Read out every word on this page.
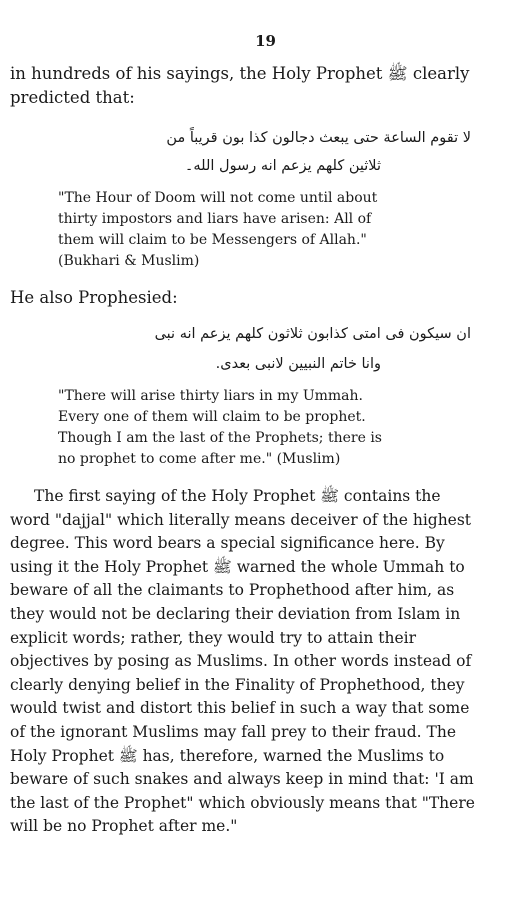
19
in hundreds of his sayings, the Holy Prophet ﷺ clearly
predicted that:
لا تقوم الساعة حتی یبعث دجالون کذا بون قریباً من
ثلاثين كلهم يزعم انه رسول الله۔
"The Hour of Doom will not come until about
thirty impostors and liars have arisen: All of
them will claim to be Messengers of Allah."
(Bukhari & Muslim)
He also Prophesied:
ان سیکون فی امتی کذابون ثلاثون کلهم یزعم انه نبی
وانا خاتم النبیین لانبی بعدی.
"There will arise thirty liars in my Ummah.
Every one of them will claim to be prophet.
Though I am the last of the Prophets; there is
no prophet to come after me." (Muslim)
The first saying of the Holy Prophet ﷺ contains the
word "dajjal" which literally means deceiver of the highest
degree. This word bears a special significance here. By
using it the Holy Prophet ﷺ warned the whole Ummah to
beware of all the claimants to Prophethood after him, as
they would not be declaring their deviation from Islam in
explicit words; rather, they would try to attain their
objectives by posing as Muslims. In other words instead of
clearly denying belief in the Finality of Prophethood, they
would twist and distort this belief in such a way that some
of the ignorant Muslims may fall prey to their fraud. The
Holy Prophet ﷺ has, therefore, warned the Muslims to
beware of such snakes and always keep in mind that: 'I am
the last of the Prophet" which obviously means that "There
will be no Prophet after me."
